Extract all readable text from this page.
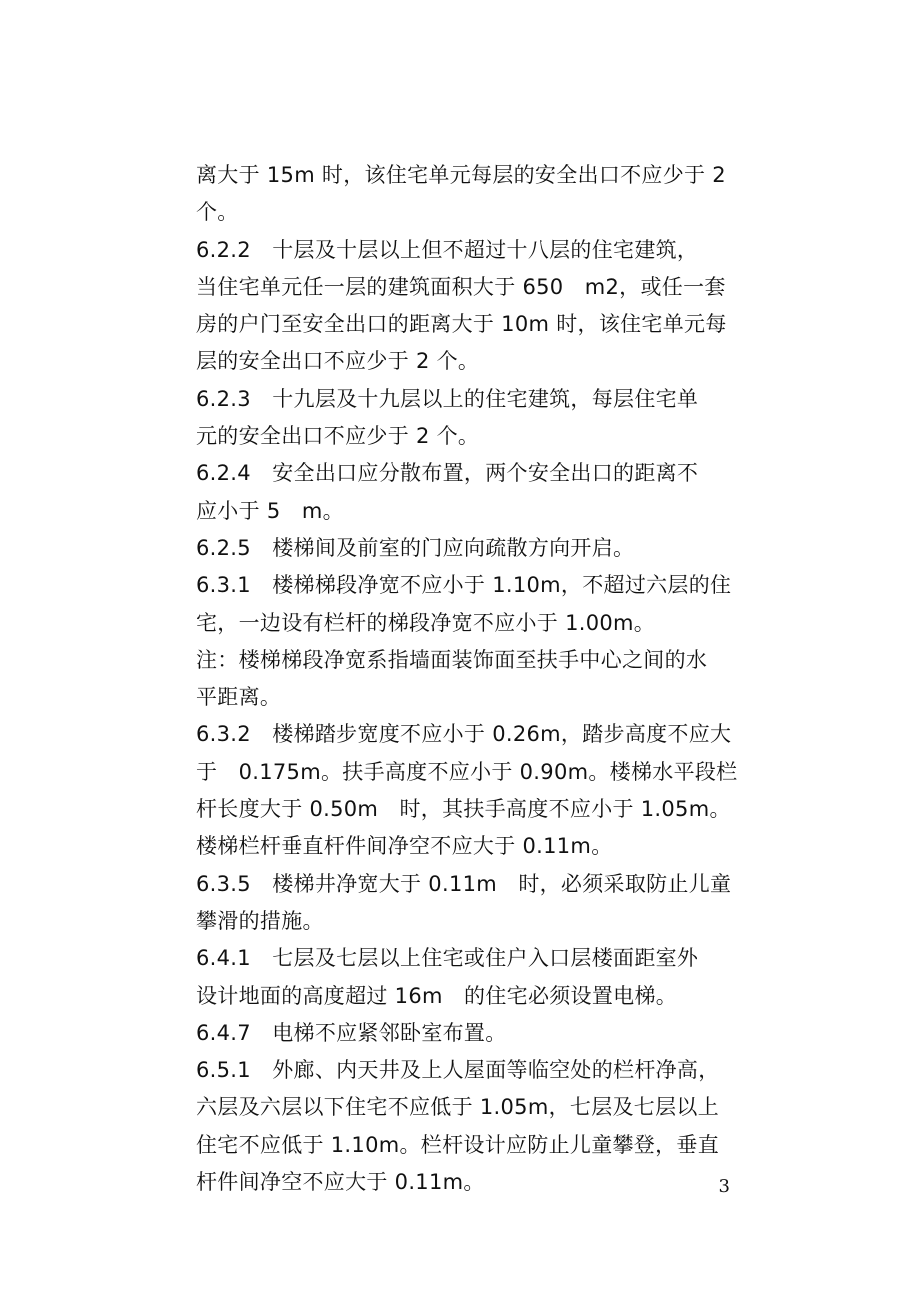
离大于 15m 时，该住宅单元每层的安全出口不应少于 2
个。
6.2.2　十层及十层以上但不超过十八层的住宅建筑，
当住宅单元任一层的建筑面积大于 650　m2，或任一套
房的户门至安全出口的距离大于 10m 时，该住宅单元每
层的安全出口不应少于 2 个。
6.2.3　十九层及十九层以上的住宅建筑，每层住宅单
元的安全出口不应少于 2 个。
6.2.4　安全出口应分散布置，两个安全出口的距离不
应小于 5　m。
6.2.5　楼梯间及前室的门应向疏散方向开启。
6.3.1　楼梯梯段净宽不应小于 1.10m，不超过六层的住
宅，一边设有栏杆的梯段净宽不应小于 1.00m。
注：楼梯梯段净宽系指墙面装饰面至扶手中心之间的水
平距离。
6.3.2　楼梯踏步宽度不应小于 0.26m，踏步高度不应大
于　0.175m。扶手高度不应小于 0.90m。楼梯水平段栏
杆长度大于 0.50m　时，其扶手高度不应小于 1.05m。
楼梯栏杆垂直杆件间净空不应大于 0.11m。
6.3.5　楼梯井净宽大于 0.11m　时，必须采取防止儿童
攀滑的措施。
6.4.1　七层及七层以上住宅或住户入口层楼面距室外
设计地面的高度超过 16m　的住宅必须设置电梯。
6.4.7　电梯不应紧邻卧室布置。
6.5.1　外廊、内天井及上人屋面等临空处的栏杆净高，
六层及六层以下住宅不应低于 1.05m，七层及七层以上
住宅不应低于 1.10m。栏杆设计应防止儿童攀登，垂直
杆件间净空不应大于 0.11m。	3
